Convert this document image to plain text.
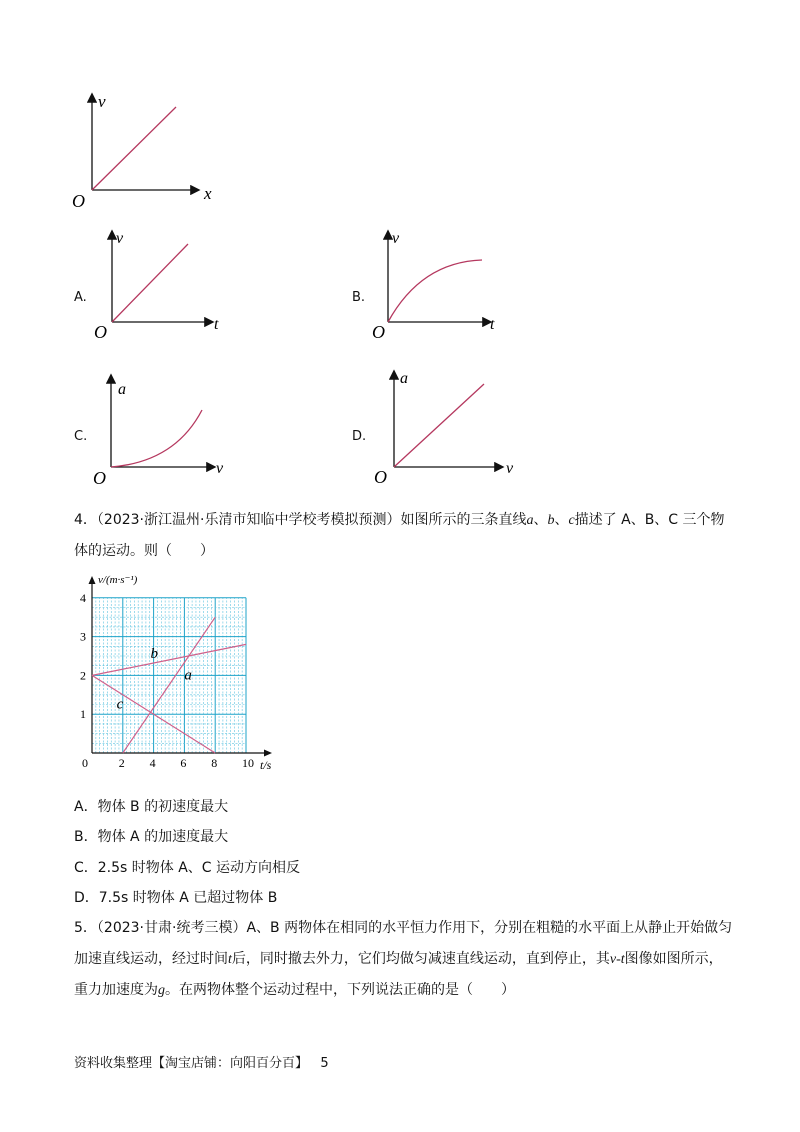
v
x
O
A.
v
t
O
B.
v
t
O
C.
a
v
O
D.
a
v
O
4．（2023·浙江温州·乐清市知临中学校考模拟预测）如图所示的三条直线a、b、c描述了 A、B、C 三个物
体的运动。则（　　）
a
b
c
0	2 4 6 8 10
1
2
3
4
v/(m·s⁻¹)
t/s
A．物体 B 的初速度最大
B．物体 A 的加速度最大
C．2.5s 时物体 A、C 运动方向相反
D．7.5s 时物体 A 已超过物体 B
5．（2023·甘肃·统考三模）A、B 两物体在相同的水平恒力作用下，分别在粗糙的水平面上从静止开始做匀
加速直线运动，经过时间t后，同时撤去外力，它们均做匀减速直线运动，直到停止，其v-t图像如图所示，
重力加速度为g。在两物体整个运动过程中，下列说法正确的是（　　）
资料收集整理【淘宝店铺：向阳百分百】 5
